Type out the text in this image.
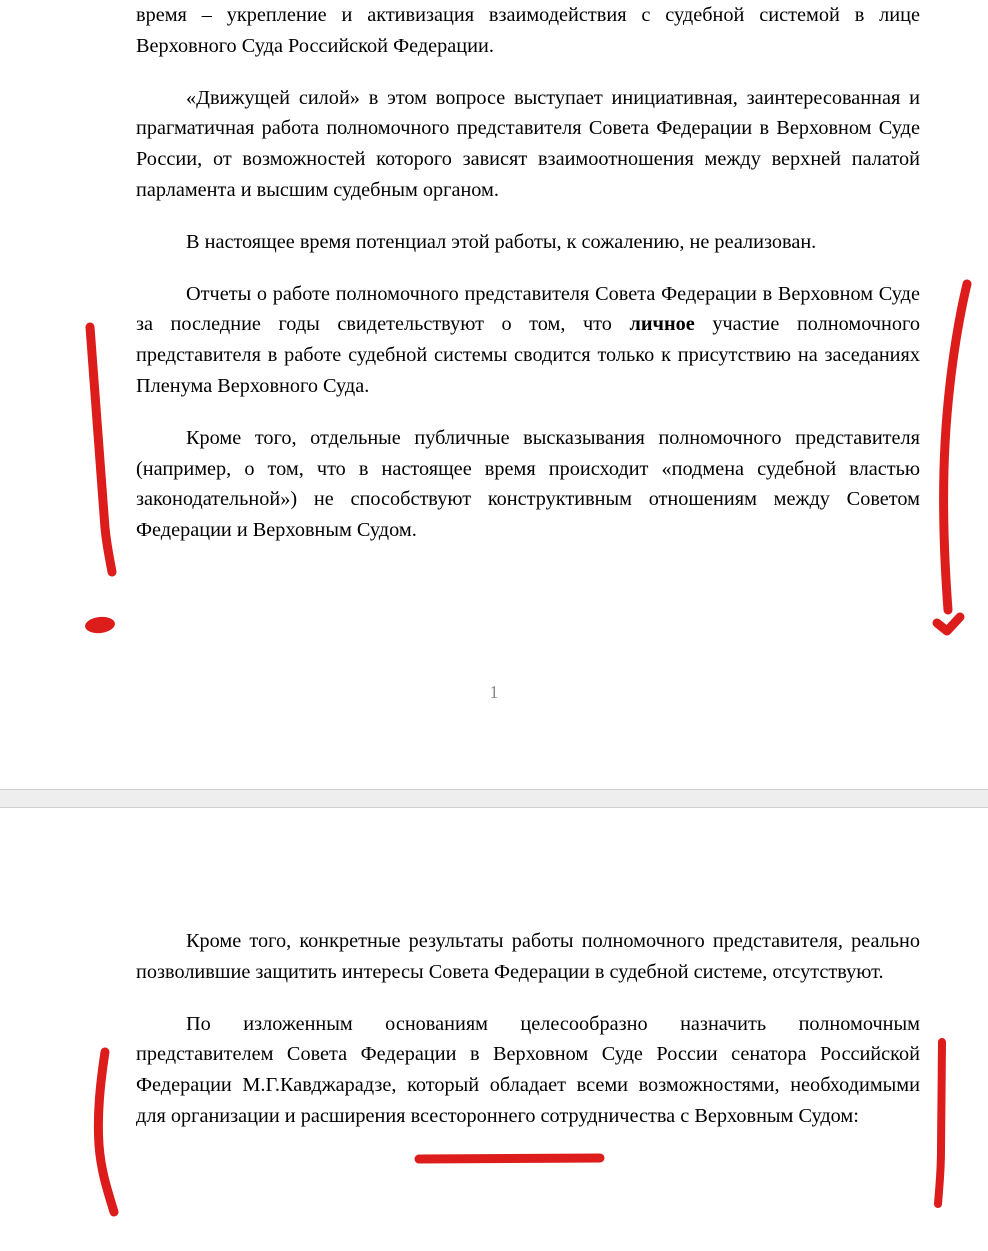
время – укрепление и активизация взаимодействия с судебной системой в лице Верховного Суда Российской Федерации.

«Движущей силой» в этом вопросе выступает инициативная, заинтересованная и прагматичная работа полномочного представителя Совета Федерации в Верховном Суде России, от возможностей которого зависят взаимоотношения между верхней палатой парламента и высшим судебным органом.

В настоящее время потенциал этой работы, к сожалению, не реализован.

Отчеты о работе полномочного представителя Совета Федерации в Верховном Суде за последние годы свидетельствуют о том, что личное участие полномочного представителя в работе судебной системы сводится только к присутствию на заседаниях Пленума Верховного Суда.

Кроме того, отдельные публичные высказывания полномочного представителя (например, о том, что в настоящее время происходит «подмена судебной властью законодательной») не способствуют конструктивным отношениям между Советом Федерации и Верховным Судом.

1

Кроме того, конкретные результаты работы полномочного представителя, реально позволившие защитить интересы Совета Федерации в судебной системе, отсутствуют.

По изложенным основаниям целесообразно назначить полномочным представителем Совета Федерации в Верховном Суде России сенатора Российской Федерации М.Г.Кавджарадзе, который обладает всеми возможностями, необходимыми для организации и расширения всестороннего сотрудничества с Верховным Судом:
